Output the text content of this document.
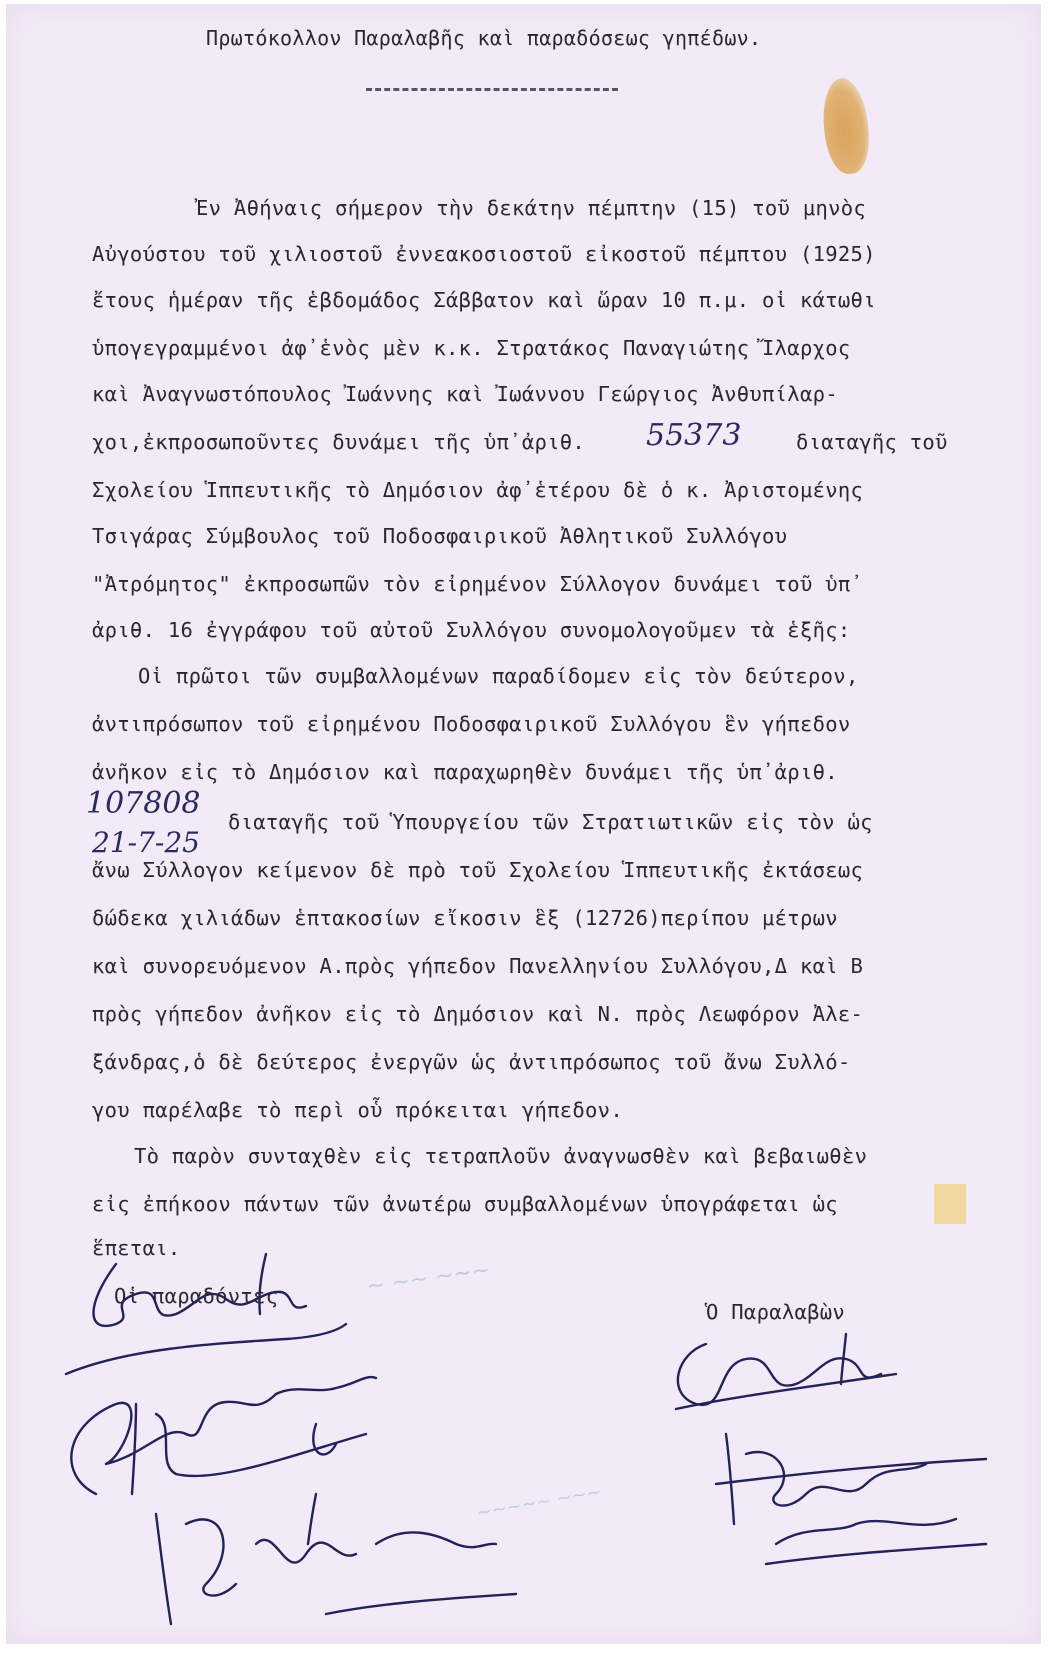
Πρωτόκολλον Παραλαβῆς καὶ παραδόσεως γηπέδων.
Ἐν Ἀθήναις σήμερον τὴν δεκάτην πέμπτην (15) τοῦ μηνὸς
Αὐγούστου τοῦ χιλιοστοῦ ἐννεακοσιοστοῦ εἰκοστοῦ πέμπτου (1925)
ἔτους ἡμέραν τῆς ἑβδομάδος Σάββατον καὶ ὥραν 10 π.μ. οἱ κάτωθι
ὑπογεγραμμένοι ἀφ᾽ἑνὸς μὲν κ.κ. Στρατάκος Παναγιώτης Ἴλαρχος
καὶ Ἀναγνωστόπουλος Ἰωάννης καὶ Ἰωάννου Γεώργιος Ἀνθυπίλαρ-
χοι,ἐκπροσωποῦντες δυνάμει τῆς ὑπ᾽ἀριθ. 55373	διαταγῆς τοῦ
Σχολείου Ἱππευτικῆς τὸ Δημόσιον ἀφ᾽ἑτέρου δὲ ὁ κ. Ἀριστομένης
Τσιγάρας Σύμβουλος τοῦ Ποδοσφαιρικοῦ Ἀθλητικοῦ Συλλόγου
"Ἀτρόμητος" ἐκπροσωπῶν τὸν εἰρημένον Σύλλογον δυνάμει τοῦ ὑπ᾽
ἀριθ. 16 ἐγγράφου τοῦ αὐτοῦ Συλλόγου συνομολογοῦμεν τὰ ἑξῆς:
Οἱ πρῶτοι τῶν συμβαλλομένων παραδίδομεν εἰς τὸν δεύτερον,
ἀντιπρόσωπον τοῦ εἰρημένου Ποδοσφαιρικοῦ Συλλόγου ἓν γήπεδον
ἀνῆκον εἰς τὸ Δημόσιον καὶ παραχωρηθὲν δυνάμει τῆς ὑπ᾽ἀριθ.
107808
21-7-25
διαταγῆς τοῦ Ὑπουργείου τῶν Στρατιωτικῶν εἰς τὸν ὡς
ἄνω Σύλλογον κείμενον δὲ πρὸ τοῦ Σχολείου Ἱππευτικῆς ἐκτάσεως
δώδεκα χιλιάδων ἑπτακοσίων εἴκοσιν ἓξ (12726)περίπου μέτρων
καὶ συνορευόμενον Α.πρὸς γήπεδον Πανελληνίου Συλλόγου,Δ καὶ Β
πρὸς γήπεδον ἀνῆκον εἰς τὸ Δημόσιον καὶ Ν. πρὸς Λεωφόρον Ἀλε-
ξάνδρας,ὁ δὲ δεύτερος ἐνεργῶν ὡς ἀντιπρόσωπος τοῦ ἄνω Συλλό-
γου παρέλαβε τὸ περὶ οὗ πρόκειται γήπεδον.
Τὸ παρὸν συνταχθὲν εἰς τετραπλοῦν ἀναγνωσθὲν καὶ βεβαιωθὲν
εἰς ἐπήκοον πάντων τῶν ἀνωτέρω συμβαλλομένων ὑπογράφεται ὡς
ἕπεται.
Οἱ παραδόντες
Ὁ Παραλαβὼν
~ ~~ ~~~
~~~~~ ~~~
